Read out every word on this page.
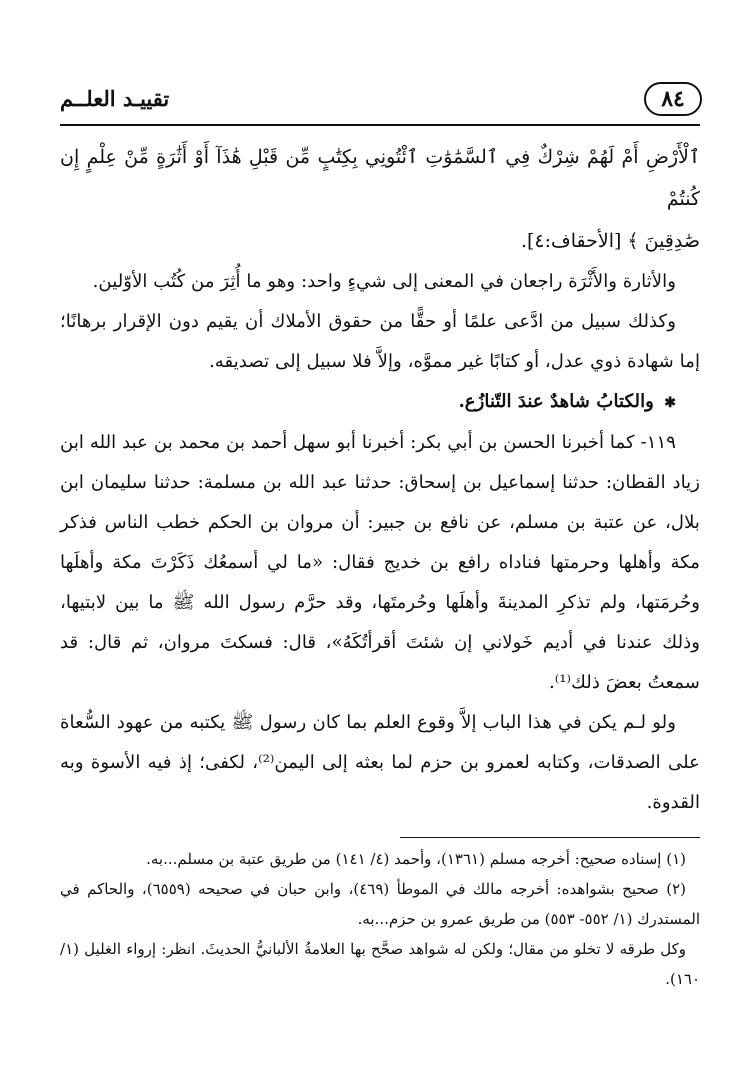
٨٤
تقييـد العلــم

ٱلْأَرْضِ أَمْ لَهُمْ شِرْكٌ فِي ٱلسَّمَٰوَٰتِ ٱئْتُونِي بِكِتَٰبٍ مِّن قَبْلِ هَٰذَآ أَوْ أَثَٰرَةٍ مِّنْ عِلْمٍ إِن كُنتُمْ

صَٰدِقِينَ ﴾ [الأحقاف:٤].

والأثارة والأَثْرَة راجعان في المعنى إلى شيءٍ واحد: وهو ما أُثِرَ من كُتُب الأوّلين.

وكذلك سبيل من ادَّعى علمًا أو حقًّا من حقوق الأملاك أن يقيم دون الإقرار برهانًا؛ إما شهادة ذوي عدل، أو كتابًا غير مموَّه، وإلاَّ فلا سبيل إلى تصديقه.

✱ والكتابُ شاهدٌ عندَ التّنازُع.

١١٩- كما أخبرنا الحسن بن أبي بكر: أخبرنا أبو سهل أحمد بن محمد بن عبد الله ابن زياد القطان: حدثنا إسماعيل بن إسحاق: حدثنا عبد الله بن مسلمة: حدثنا سليمان ابن بلال، عن عتبة بن مسلم، عن نافع بن جبير: أن مروان بن الحكم خطب الناس فذكر مكة وأهلها وحرمتها فناداه رافع بن خديج فقال: «ما لي أسمعُك ذَكَرْتَ مكة وأهلَها وحُرمَتها، ولم تذكرِ المدينةَ وأهلَها وحُرمتَها، وقد حرَّم رسول الله ﷺ ما بين لابتيها، وذلك عندنا في أديم خَولاني إن شئتَ أقرأتُكَهُ»، قال: فسكتَ مروان، ثم قال: قد سمعتُ بعضَ ذلك⁽¹⁾.

ولو لـم يكن في هذا الباب إلاَّ وقوع العلم بما كان رسول ﷺ يكتبه من عهود السُّعاة على الصدقات، وكتابه لعمرو بن حزم لما بعثه إلى اليمن⁽²⁾، لكفى؛ إذ فيه الأسوة وبه القدوة.

(١) إسناده صحيح: أخرجه مسلم (١٣٦١)، وأحمد (٤/ ١٤١) من طريق عتبة بن مسلم...به.

(٢) صحيح بشواهده: أخرجه مالك في الموطأ (٤٦٩)، وابن حبان في صحيحه (٦٥٥٩)، والحاكم في المستدرك (١/ ٥٥٢- ٥٥٣) من طريق عمرو بن حزم...به.

وكل طرقه لا تخلو من مقال؛ ولكن له شواهد صحَّح بها العلامةُ الألبانيُّ الحديثَ. انظر: إرواء الغليل (١/ ١٦٠).
